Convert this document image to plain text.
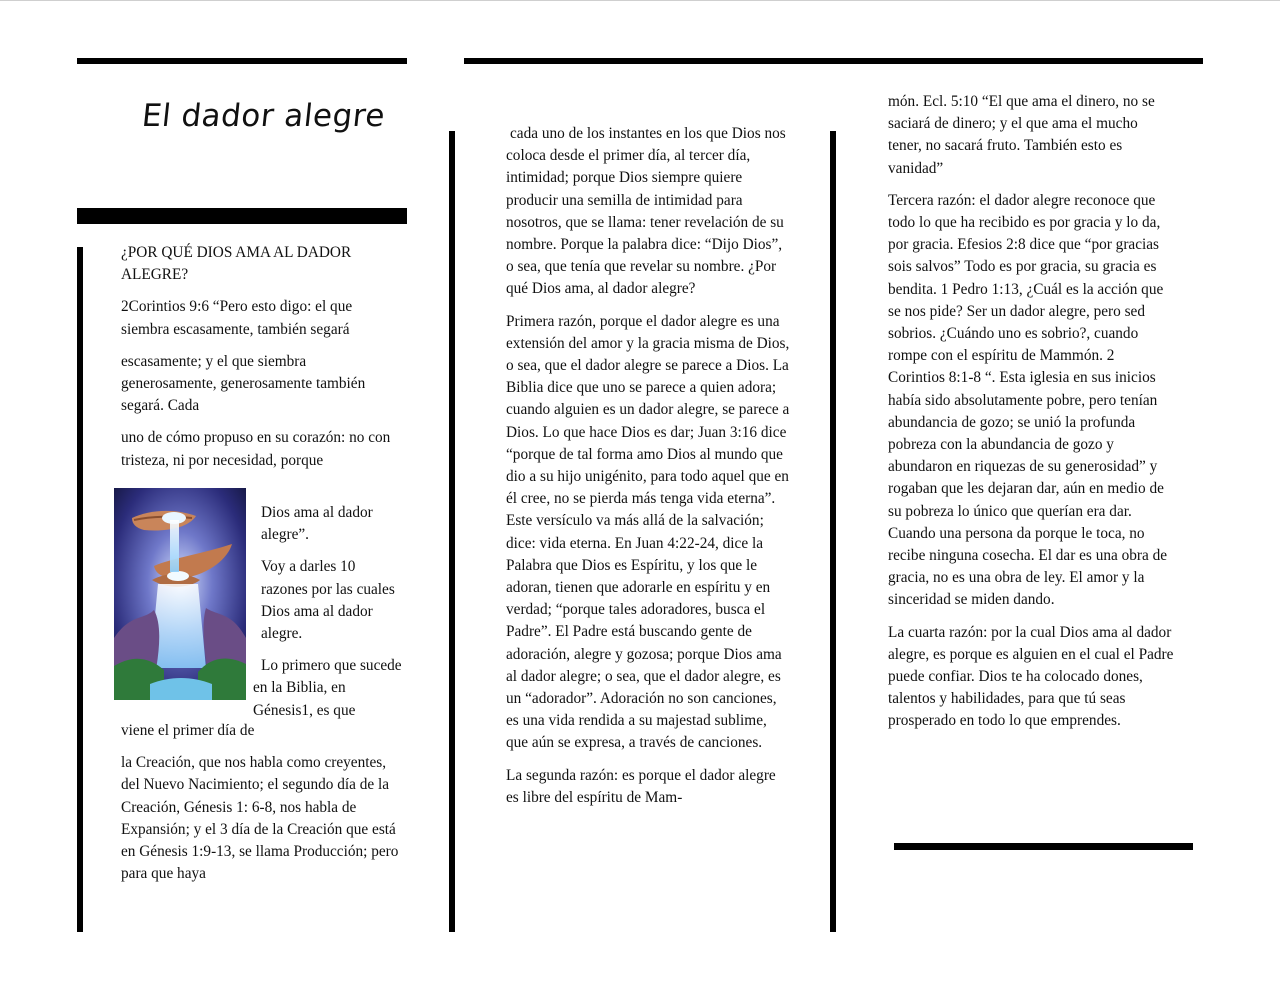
El dador alegre

¿POR QUÉ DIOS AMA AL DADOR ALEGRE?

2Corintios 9:6 “Pero esto digo: el que siembra escasamente, también segará

escasamente; y el que siembra generosamente, generosamente también segará. Cada

uno de cómo propuso en su corazón: no con tristeza, ni por necesidad, porque

Dios ama al dador alegre”.

Voy a darles 10 razones por las cuales Dios ama al dador alegre.

Lo primero que sucede en la Biblia, en Génesis1, es que

viene el primer día de

la Creación, que nos habla como creyentes, del Nuevo Nacimiento; el segundo día de la Creación, Génesis 1: 6-8, nos habla de Expansión; y el 3 día de la Creación que está en Génesis 1:9-13, se llama Producción; pero para que haya

cada uno de los instantes en los que Dios nos coloca desde el primer día, al tercer día, intimidad; porque Dios siempre quiere producir una semilla de intimidad para nosotros, que se llama: tener revelación de su nombre. Porque la palabra dice: “Dijo Dios”, o sea, que tenía que revelar su nombre. ¿Por qué Dios ama, al dador alegre?

Primera razón, porque el dador alegre es una extensión del amor y la gracia misma de Dios, o sea, que el dador alegre se parece a Dios. La Biblia dice que uno se parece a quien adora; cuando alguien es un dador alegre, se parece a Dios. Lo que hace Dios es dar; Juan 3:16 dice “porque de tal forma amo Dios al mundo que dio a su hijo unigénito, para todo aquel que en él cree, no se pierda más tenga vida eterna”. Este versículo va más allá de la salvación; dice: vida eterna. En Juan 4:22-24, dice la Palabra que Dios es Espíritu, y los que le adoran, tienen que adorarle en espíritu y en verdad; “porque tales adoradores, busca el Padre”. El Padre está buscando gente de adoración, alegre y gozosa; porque Dios ama al dador alegre; o sea, que el dador alegre, es un “adorador”. Adoración no son canciones, es una vida rendida a su majestad sublime, que aún se expresa, a través de canciones.

La segunda razón: es porque el dador alegre es libre del espíritu de Mam-

món. Ecl. 5:10 “El que ama el dinero, no se saciará de dinero; y el que ama el mucho tener, no sacará fruto. También esto es vanidad”

Tercera razón: el dador alegre reconoce que todo lo que ha recibido es por gracia y lo da, por gracia. Efesios 2:8 dice que “por gracias sois salvos” Todo es por gracia, su gracia es bendita. 1 Pedro 1:13, ¿Cuál es la acción que se nos pide? Ser un dador alegre, pero sed sobrios. ¿Cuándo uno es sobrio?, cuando rompe con el espíritu de Mammón. 2 Corintios 8:1-8 “. Esta iglesia en sus inicios había sido absolutamente pobre, pero tenían abundancia de gozo; se unió la profunda pobreza con la abundancia de gozo y abundaron en riquezas de su generosidad” y rogaban que les dejaran dar, aún en medio de su pobreza lo único que querían era dar. Cuando una persona da porque le toca, no recibe ninguna cosecha. El dar es una obra de gracia, no es una obra de ley. El amor y la sinceridad se miden dando.

La cuarta razón: por la cual Dios ama al dador alegre, es porque es alguien en el cual el Padre puede confiar. Dios te ha colocado dones, talentos y habilidades, para que tú seas prosperado en todo lo que emprendes.
